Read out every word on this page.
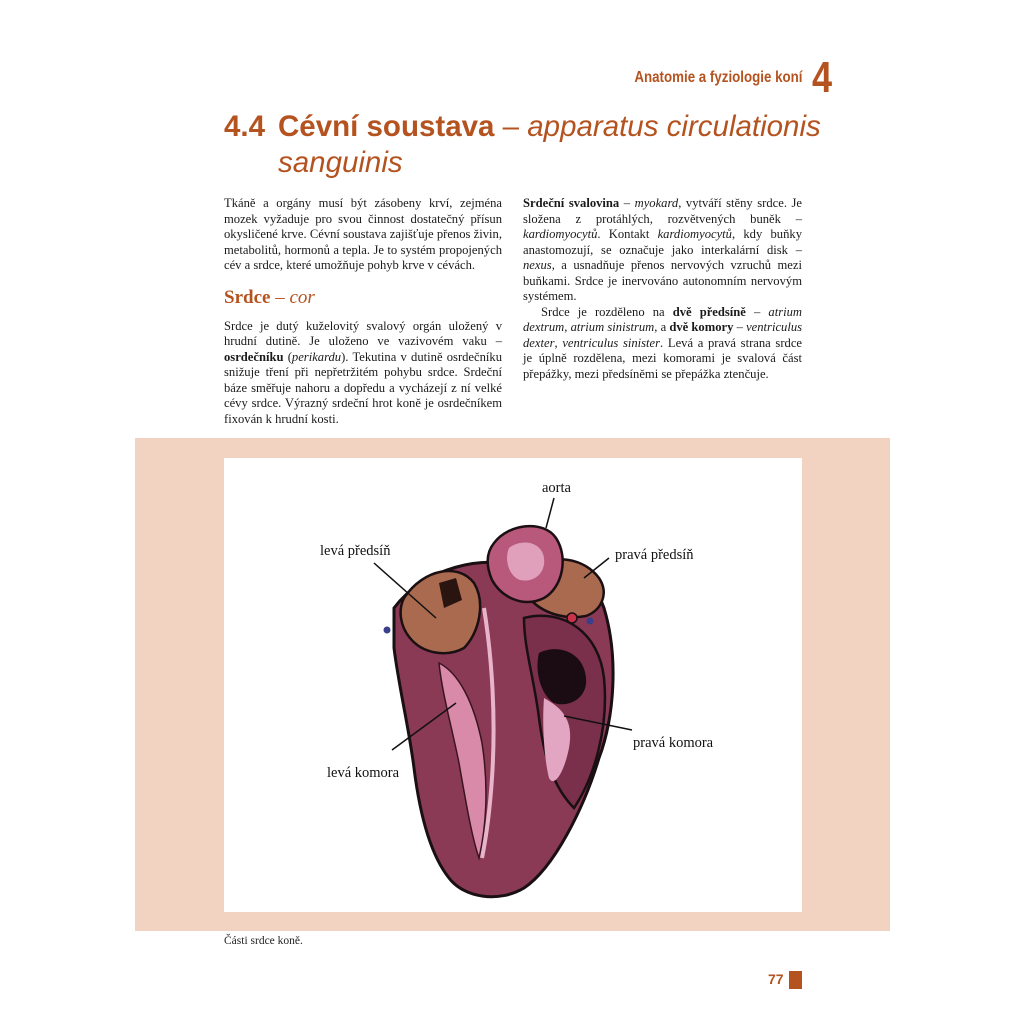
Anatomie a fyziologie koní 4
4.4 Cévní soustava – apparatus circulationis
sanguinis

Tkáně a orgány musí být zásobeny krví, zejména mozek vyžaduje pro svou činnost dostatečný přísun okysličené krve. Cévní soustava zajišťuje přenos živin, metabolitů, hormonů a tepla. Je to systém propojených cév a srdce, které umožňuje pohyb krve v cévách.

Srdce – cor

Srdce je dutý kuželovitý svalový orgán uložený v hrudní dutině. Je uloženo ve vazivovém vaku – osrdečníku (perikardu). Tekutina v dutině osrdečníku snižuje tření při nepřetržitém pohybu srdce. Srdeční báze směřuje nahoru a dopředu a vycházejí z ní velké cévy srdce. Výrazný srdeční hrot koně je osrdečníkem fixován k hrudní kosti.

Srdeční svalovina – myokard, vytváří stěny srdce. Je složena z protáhlých, rozvětvených buněk – kardiomyocytů. Kontakt kardiomyocytů, kdy buňky anastomozují, se označuje jako interkalární disk – nexus, a usnadňuje přenos nervových vzruchů mezi buňkami. Srdce je inervováno autonomním nervovým systémem.

Srdce je rozděleno na dvě předsíně – atrium dextrum, atrium sinistrum, a dvě komory – ventriculus dexter, ventriculus sinister. Levá a pravá strana srdce je úplně rozdělena, mezi komorami je svalová část přepážky, mezi předsíněmi se přepážka ztenčuje.

aorta
levá předsíň	pravá předsíň
pravá komora
levá komora
Části srdce koně.
77
